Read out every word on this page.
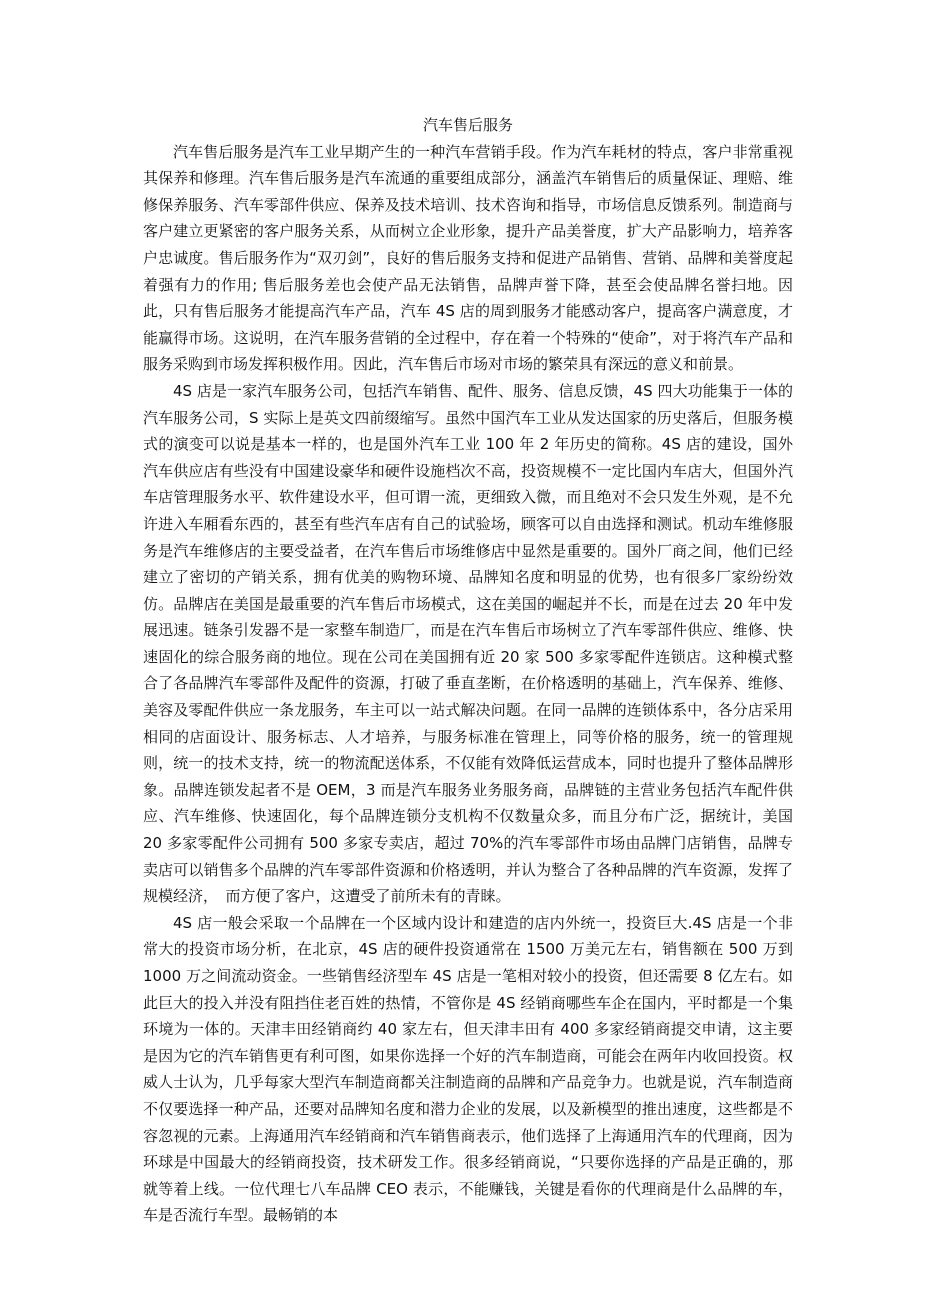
汽车售后服务

汽车售后服务是汽车工业早期产生的一种汽车营销手段。作为汽车耗材的特点，客户非常重视其保养和修理。汽车售后服务是汽车流通的重要组成部分，涵盖汽车销售后的质量保证、理赔、维修保养服务、汽车零部件供应、保养及技术培训、技术咨询和指导，市场信息反馈系列。制造商与客户建立更紧密的客户服务关系，从而树立企业形象，提升产品美誉度，扩大产品影响力，培养客户忠诚度。售后服务作为“双刃剑”，良好的售后服务支持和促进产品销售、营销、品牌和美誉度起着强有力的作用; 售后服务差也会使产品无法销售，品牌声誉下降，甚至会使品牌名誉扫地。因此，只有售后服务才能提高汽车产品，汽车 4S 店的周到服务才能感动客户，提高客户满意度，才能赢得市场。这说明，在汽车服务营销的全过程中，存在着一个特殊的“使命”，对于将汽车产品和服务采购到市场发挥积极作用。因此，汽车售后市场对市场的繁荣具有深远的意义和前景。

4S 店是一家汽车服务公司，包括汽车销售、配件、服务、信息反馈，4S 四大功能集于一体的汽车服务公司，S 实际上是英文四前缀缩写。虽然中国汽车工业从发达国家的历史落后，但服务模式的演变可以说是基本一样的，也是国外汽车工业 100 年 2 年历史的简称。4S 店的建设，国外汽车供应店有些没有中国建设豪华和硬件设施档次不高，投资规模不一定比国内车店大，但国外汽车店管理服务水平、软件建设水平，但可谓一流，更细致入微，而且绝对不会只发生外观，是不允许进入车厢看东西的，甚至有些汽车店有自己的试验场，顾客可以自由选择和测试。机动车维修服务是汽车维修店的主要受益者，在汽车售后市场维修店中显然是重要的。国外厂商之间，他们已经建立了密切的产销关系，拥有优美的购物环境、品牌知名度和明显的优势，也有很多厂家纷纷效仿。品牌店在美国是最重要的汽车售后市场模式，这在美国的崛起并不长，而是在过去 20 年中发展迅速。链条引发器不是一家整车制造厂，而是在汽车售后市场树立了汽车零部件供应、维修、快速固化的综合服务商的地位。现在公司在美国拥有近 20 家 500 多家零配件连锁店。这种模式整合了各品牌汽车零部件及配件的资源，打破了垂直垄断，在价格透明的基础上，汽车保养、维修、美容及零配件供应一条龙服务，车主可以一站式解决问题。在同一品牌的连锁体系中，各分店采用相同的店面设计、服务标志、人才培养，与服务标准在管理上，同等价格的服务，统一的管理规则，统一的技术支持，统一的物流配送体系，不仅能有效降低运营成本，同时也提升了整体品牌形象。品牌连锁发起者不是 OEM，3 而是汽车服务业务服务商，品牌链的主营业务包括汽车配件供应、汽车维修、快速固化，每个品牌连锁分支机构不仅数量众多，而且分布广泛，据统计，美国 20 多家零配件公司拥有 500 多家专卖店，超过 70%的汽车零部件市场由品牌门店销售，品牌专卖店可以销售多个品牌的汽车零部件资源和价格透明，并认为整合了各种品牌的汽车资源，发挥了规模经济，　而方便了客户，这遭受了前所未有的青睐。

4S 店一般会采取一个品牌在一个区域内设计和建造的店内外统一，投资巨大.4S 店是一个非常大的投资市场分析，在北京，4S 店的硬件投资通常在 1500 万美元左右，销售额在 500 万到 1000 万之间流动资金。一些销售经济型车 4S 店是一笔相对较小的投资，但还需要 8 亿左右。如此巨大的投入并没有阻挡住老百姓的热情，不管你是 4S 经销商哪些车企在国内，平时都是一个集环境为一体的。天津丰田经销商约 40 家左右，但天津丰田有 400 多家经销商提交申请，这主要是因为它的汽车销售更有利可图，如果你选择一个好的汽车制造商，可能会在两年内收回投资。权威人士认为，几乎每家大型汽车制造商都关注制造商的品牌和产品竞争力。也就是说，汽车制造商不仅要选择一种产品，还要对品牌知名度和潜力企业的发展，以及新模型的推出速度，这些都是不容忽视的元素。上海通用汽车经销商和汽车销售商表示，他们选择了上海通用汽车的代理商，因为环球是中国最大的经销商投资，技术研发工作。很多经销商说，“只要你选择的产品是正确的，那就等着上线。一位代理七八车品牌 CEO 表示，不能赚钱，关键是看你的代理商是什么品牌的车，车是否流行车型。最畅销的本
